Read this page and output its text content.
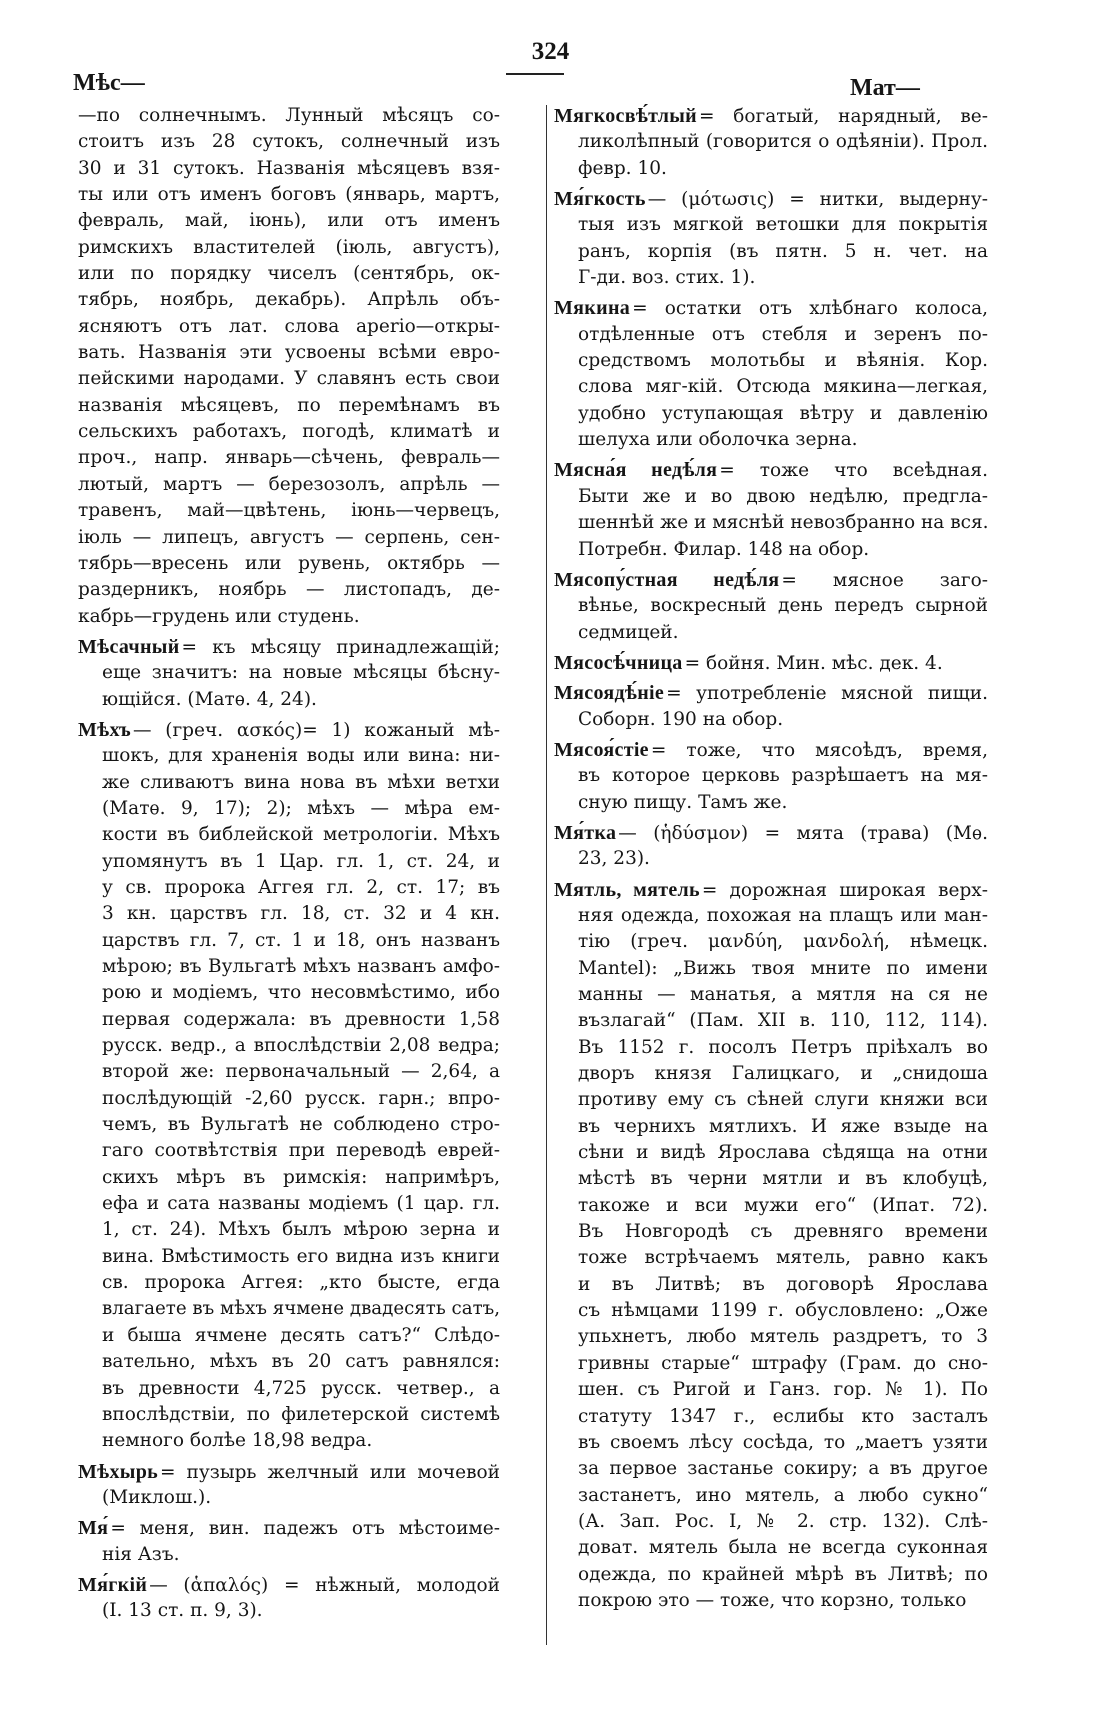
324
Мѣс—	Мат—
—по солнечнымъ. Лунный мѣсяцъ со-
стоитъ изъ 28 сутокъ, солнечный изъ
30 и 31 сутокъ. Названія мѣсяцевъ взя-
ты или отъ именъ боговъ (январь, мартъ,
февраль, май, іюнь), или отъ именъ
римскихъ властителей (іюль, августъ),
или по порядку чиселъ (сентябрь, ок-
тябрь, ноябрь, декабрь). Апрѣль объ-
ясняютъ отъ лат. слова aperio—откры-
вать. Названія эти усвоены всѣми евро-
пейскими народами. У славянъ есть свои
названія мѣсяцевъ, по перемѣнамъ въ
сельскихъ работахъ, погодѣ, климатѣ и
проч., напр. январь—сѣчень, февраль—
лютый, мартъ — березозолъ, апрѣль —
травенъ, май—цвѣтень, іюнь—червецъ,
іюль — липецъ, августъ — серпень, сен-
тябрь—вресень или рувень, октябрь —
раздерникъ, ноябрь — листопадъ, де-
кабрь—грудень или студень.
Мѣсачный = къ мѣсяцу принадлежащій;
еще значитъ: на новые мѣсяцы бѣсну-
ющійся. (Матѳ. 4, 24).
Мѣхъ — (греч. ασκός)= 1) кожаный мѣ-
шокъ, для храненія воды или вина: ни-
же сливаютъ вина нова въ мѣхи ветхи
(Матѳ. 9, 17); 2); мѣхъ — мѣра ем-
кости въ библейской метрологіи. Мѣхъ
упомянутъ въ 1 Цар. гл. 1, ст. 24, и
у св. пророка Аггея гл. 2, ст. 17; въ
3 кн. царствъ гл. 18, ст. 32 и 4 кн.
царствъ гл. 7, ст. 1 и 18, онъ названъ
мѣрою; въ Вульгатѣ мѣхъ названъ амфо-
рою и модіемъ, что несовмѣстимо, ибо
первая содержала: въ древности 1,58
русск. ведр., а впослѣдствіи 2,08 ведра;
второй же: первоначальный — 2,64, а
послѣдующій -2,60 русск. гарн.; впро-
чемъ, въ Вульгатѣ не соблюдено стро-
гаго соотвѣтствія при переводѣ еврей-
скихъ мѣръ въ римскія: напримѣръ,
ефа и сата названы модіемъ (1 цар. гл.
1, ст. 24). Мѣхъ былъ мѣрою зерна и
вина. Вмѣстимость его видна изъ книги
св. пророка Аггея: „кто бысте, егда
влагаете въ мѣхъ ячмене двадесять сатъ,
и быша ячмене десять сатъ?“ Слѣдо-
вательно, мѣхъ въ 20 сатъ равнялся:
въ древности 4,725 русск. четвер., а
впослѣдствіи, по филетерской системѣ
немного болѣе 18,98 ведра.
Мѣхырь = пузырь желчный или мочевой
(Миклош.).
Мя́ = меня, вин. падежъ отъ мѣстоиме-
нія Азъ.
Мя́гкій — (ἁπαλός) = нѣжный, молодой
(І. 13 ст. п. 9, 3).
Мягкосвѣ́тлый = богатый, нарядный, ве-
ликолѣпный (говорится о одѣяніи). Прол.
февр. 10.
Мя́гкость — (μότωσις) = нитки, выдерну-
тыя изъ мягкой ветошки для покрытія
ранъ, корпія (въ пятн. 5 н. чет. на
Г-ди. воз. стих. 1).
Мякина = остатки отъ хлѣбнаго колоса,
отдѣленные отъ стебля и зеренъ по-
средствомъ молотьбы и вѣянія. Кор.
слова мяг-кій. Отсюда мякина—легкая,
удобно уступающая вѣтру и давленію
шелуха или оболочка зерна.
Мясна́я недѣ́ля = тоже что всеѣдная.
Быти же и во двою недѣлю, предгла-
шеннѣй же и мяснѣй невозбранно на вся.
Потребн. Филар. 148 на обор.
Мясопу́стная недѣ́ля = мясное заго-
вѣнье, воскресный день передъ сырной
седмицей.
Мясосѣ́чница = бойня. Мин. мѣс. дек. 4.
Мясоядѣ́ніе = употребленіе мясной пищи.
Соборн. 190 на обор.
Мясоя́стіе = тоже, что мясоѣдъ, время,
въ которое церковь разрѣшаетъ на мя-
сную пищу. Тамъ же.
Мя́тка — (ἡδύσμον) = мята (трава) (Мѳ.
23, 23).
Мятль, мятель = дорожная широкая верх-
няя одежда, похожая на плащъ или ман-
тію (греч. μανδύη, μανδολή, нѣмецк.
Mantel): „Вижь твоя мните по имени
манны — манатья, а мятля на ся не
възлагай“ (Пам. XII в. 110, 112, 114).
Въ 1152 г. посолъ Петръ пріѣхалъ во
дворъ князя Галицкаго, и „снидоша
противу ему съ сѣней слуги княжи вси
въ черниxъ мятлихъ. И яже взыде на
сѣни и видѣ Ярослава сѣдяща на отни
мѣстѣ въ черни мятли и въ клобуцѣ,
такоже и вси мужи его“ (Ипат. 72).
Въ Новгородѣ съ древняго времени
тоже встрѣчаемъ мятель, равно какъ
и въ Литвѣ; въ договорѣ Ярослава
съ нѣмцами 1199 г. обусловлено: „Оже
упьхнетъ, любо мятель раздретъ, то 3
гривны старые“ штрафу (Грам. до сно-
шен. съ Ригой и Ганз. гор. № 1). По
статуту 1347 г., еслибы кто засталъ
въ своемъ лѣсу сосѣда, то „маетъ узяти
за первое застанье сокиру; а въ другое
застанетъ, ино мятель, а любо сукно“
(А. Зап. Рос. І, № 2. стр. 132). Слѣ-
доват. мятель была не всегда суконная
одежда, по крайней мѣрѣ въ Литвѣ; по
покрою это — тоже, что корзно, только
